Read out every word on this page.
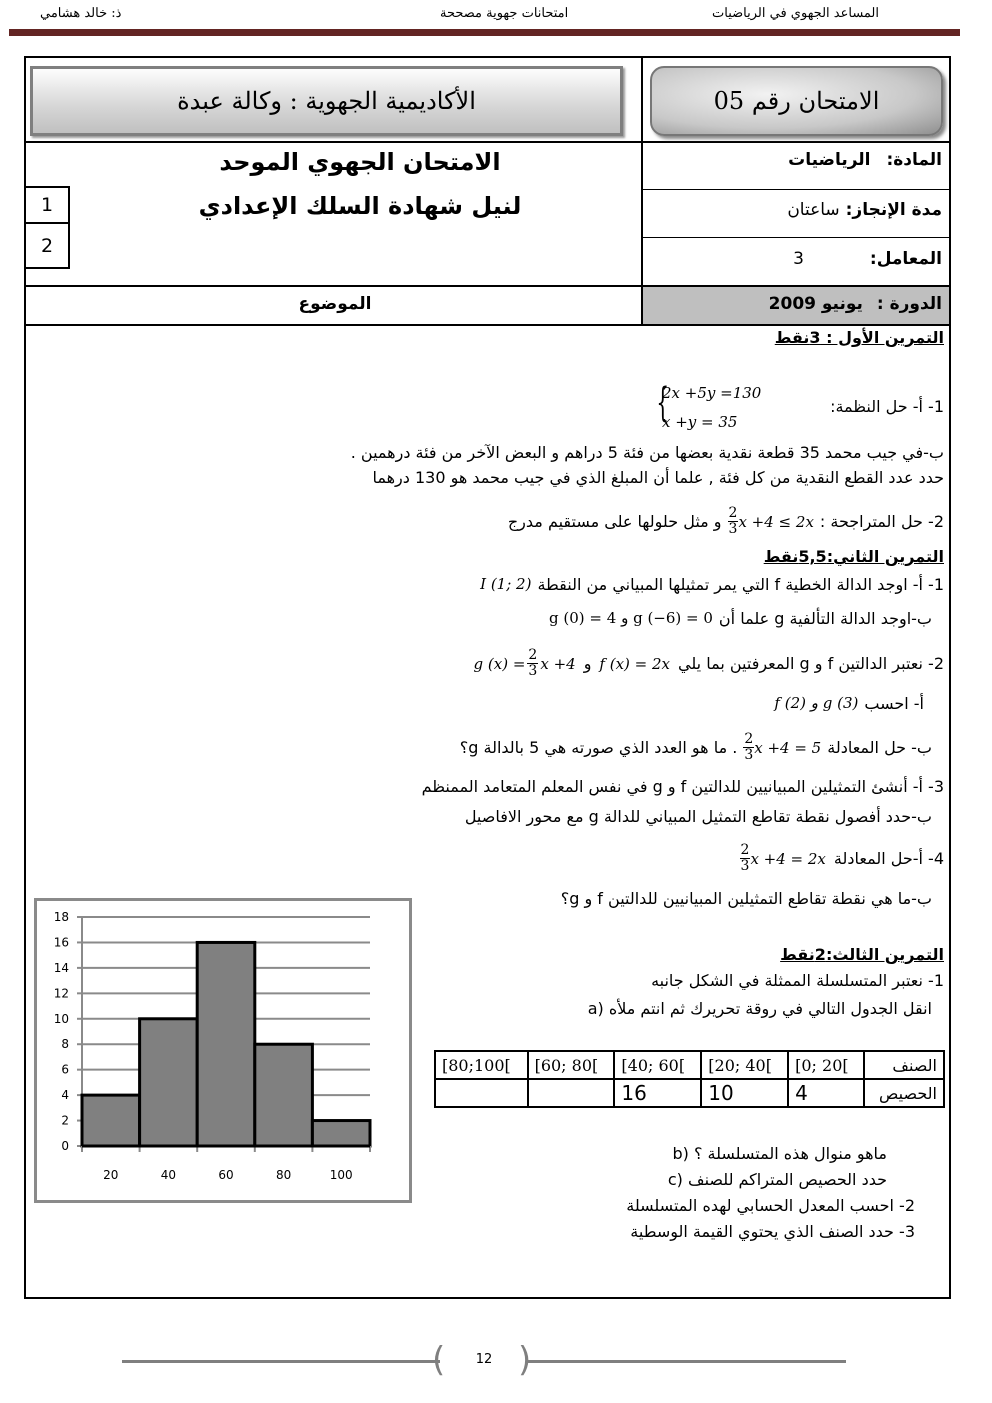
ذ: خالد هشامي	امتحانات جهوية مصححة	المساعد الجهوي في الرياضيات
الأكاديمية الجهوية : وكالة عبدة	الامتحان رقم 05
الامتحان الجهوي الموحد
لنيل شهادة السلك الإعدادي
1
2
المادة: الرياضيات
مدة الإنجاز: ساعتان
المعامل: 3
الدورة : يونيو 2009
الموضوع
التمرين الأول : 3نقط
1- أ- حل النظمة:
{
2x +5y =130
x +y = 35
ب-في جيب محمد 35 قطعة نقدية بعضها من فئة 5 دراهم و البعض الآخر من فئة درهمين .
حدد عدد القطع النقدية من كل فئة , علما أن المبلغ الذي في جيب محمد هو 130 درهما
2- حل المتراجحة :
$\frac{2}{3}$ x +4 ≤ 2x
و مثل حلولها على مستقيم مدرج
التمرين الثاني:5,5نقط
1- أ- اوجد الدالة الخطية f التي يمر تمثيلها المبياني من النقطة
I (1; 2)
ب-اوجد الدالة التألفية g علما أن
g (0) = 4 و g (−6) = 0
2- نعتبر الدالتين f و g المعرفتين بما يلي
f (x) = 2x
و
g $(x) = \frac{2}{3}$ x +4
أ- احسب
f (2) و g (3)
ب- حل المعادلة
$\frac{2}{3}$ x +4 = 5
. ما هو العدد الذي صورته هي 5 بالدالة g؟
3- أ- أنشئ التمثيلين المبيانيين للدالتين f و g في نفس المعلم المتعامد الممنظم
ب-حدد أفصول نقطة تقاطع التمثيل المبياني للدالة g مع محور الافاصيل
4- أ-حل المعادلة
$\frac{2}{3}$ x +4 = 2x
ب-ما هي نقطة تقاطع التمثيلين المبيانيين للدالتين f و g؟
التمرين الثالث:2نقط
1- نعتبر المتسلسلة الممثلة في الشكل جانبه
a) انقل الجدول التالي في روقة تحريرك ثم انتم ملأه
الصنف	[0; 20[	[20; 40[	[40; 60[	[60; 80[	[80;100[
الحصيص	4	10	16		
b) ماهو منوال هذه المتسلسلة ؟
c) حدد الحصيص المتراكم للصنف
2- احسب المعدل الحسابي لهده المتسلسلة
3- حدد الصنف الذي يحتوي القيمة الوسطية
0
2
4
6
8
10
12
14
16
18
20	40	60	80	100
( )
12
